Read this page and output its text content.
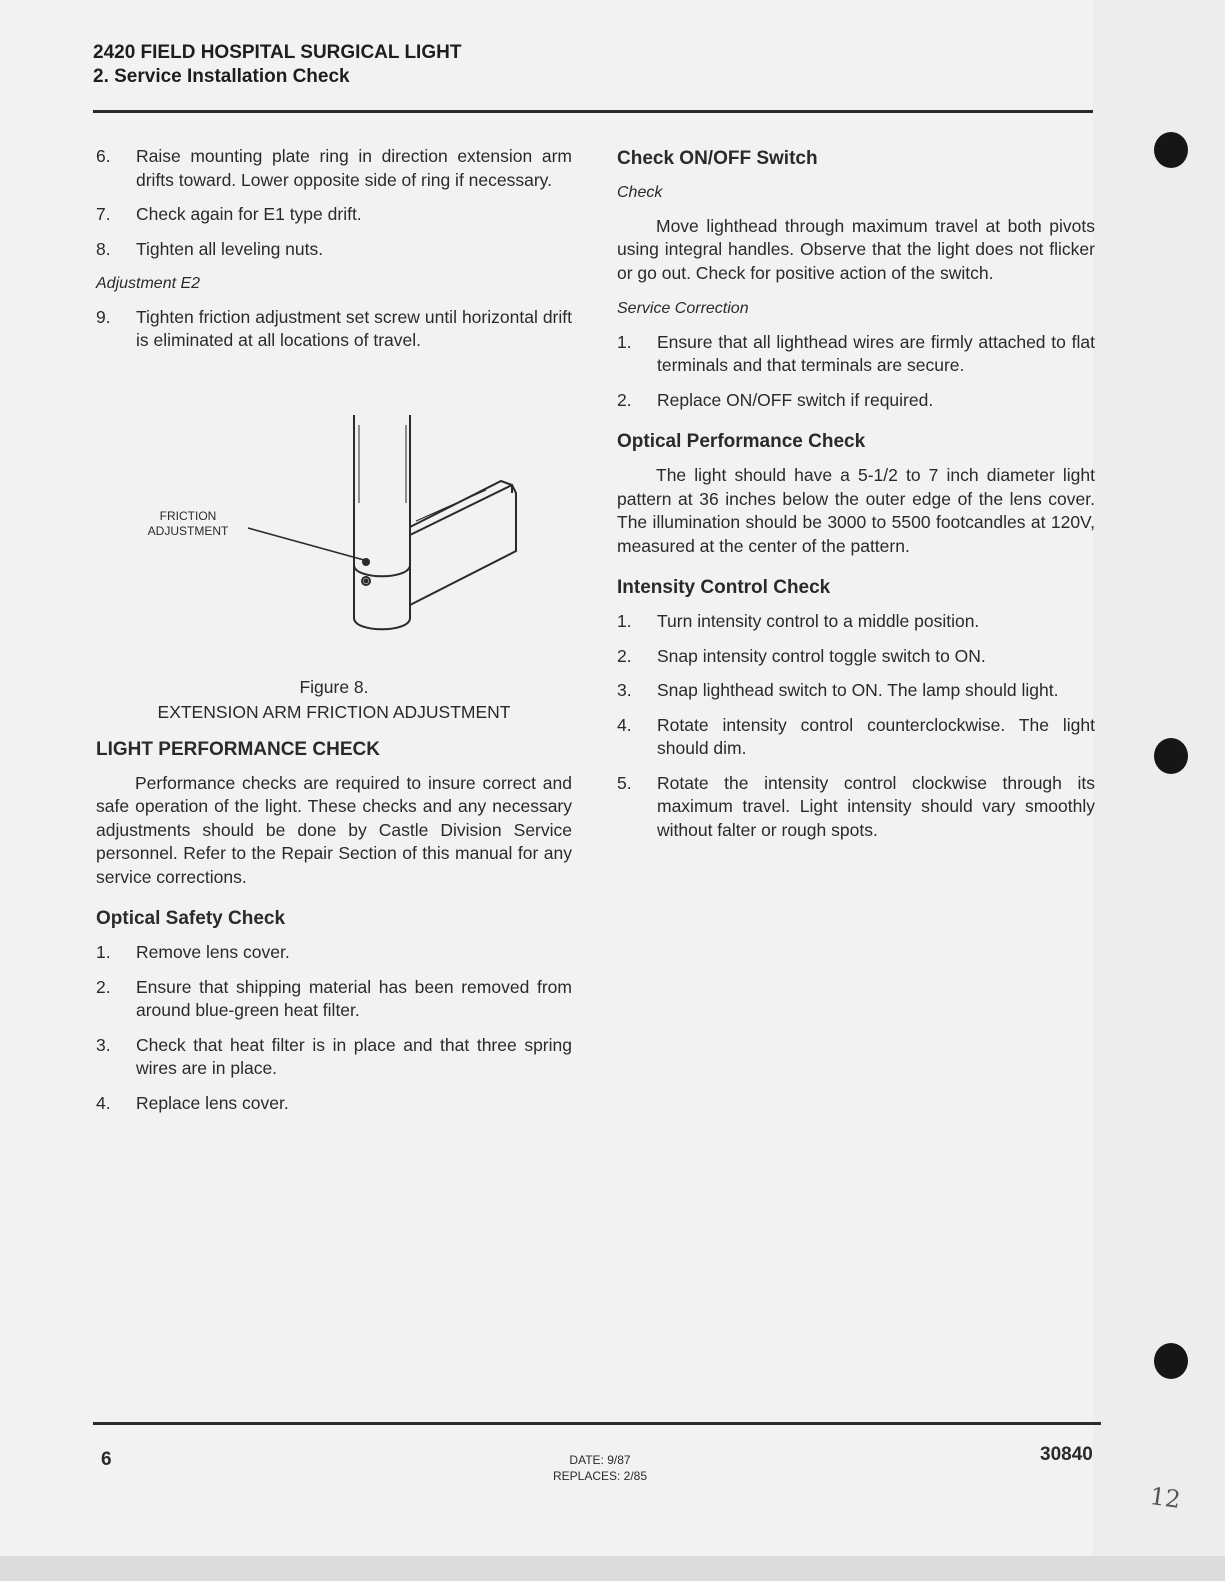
2420 FIELD HOSPITAL SURGICAL LIGHT
2. Service Installation Check
6.	Raise mounting plate ring in direction extension arm drifts toward. Lower opposite side of ring if necessary.
7.	Check again for E1 type drift.
8.	Tighten all leveling nuts.
Adjustment E2
9.	Tighten friction adjustment set screw until horizontal drift is eliminated at all locations of travel.
FRICTION
ADJUSTMENT
Figure 8.
EXTENSION ARM FRICTION ADJUSTMENT
LIGHT PERFORMANCE CHECK
Performance checks are required to insure correct and safe operation of the light. These checks and any necessary adjustments should be done by Castle Division Service personnel. Refer to the Repair Section of this manual for any service corrections.
Optical Safety Check
1.	Remove lens cover.
2.	Ensure that shipping material has been removed from around blue-green heat filter.
3.	Check that heat filter is in place and that three spring wires are in place.
4.	Replace lens cover.
Check ON/OFF Switch
Check
Move lighthead through maximum travel at both pivots using integral handles. Observe that the light does not flicker or go out. Check for positive action of the switch.
Service Correction
1.	Ensure that all lighthead wires are firmly attached to flat terminals and that terminals are secure.
2.	Replace ON/OFF switch if required.
Optical Performance Check
The light should have a 5-1/2 to 7 inch diameter light pattern at 36 inches below the outer edge of the lens cover. The illumination should be 3000 to 5500 footcandles at 120V, measured at the center of the pattern.
Intensity Control Check
1.	Turn intensity control to a middle position.
2.	Snap intensity control toggle switch to ON.
3.	Snap lighthead switch to ON. The lamp should light.
4.	Rotate intensity control counterclockwise. The light should dim.
5.	Rotate the intensity control clockwise through its maximum travel. Light intensity should vary smoothly without falter or rough spots.
6	DATE: 9/87
REPLACES: 2/85
30840
12
